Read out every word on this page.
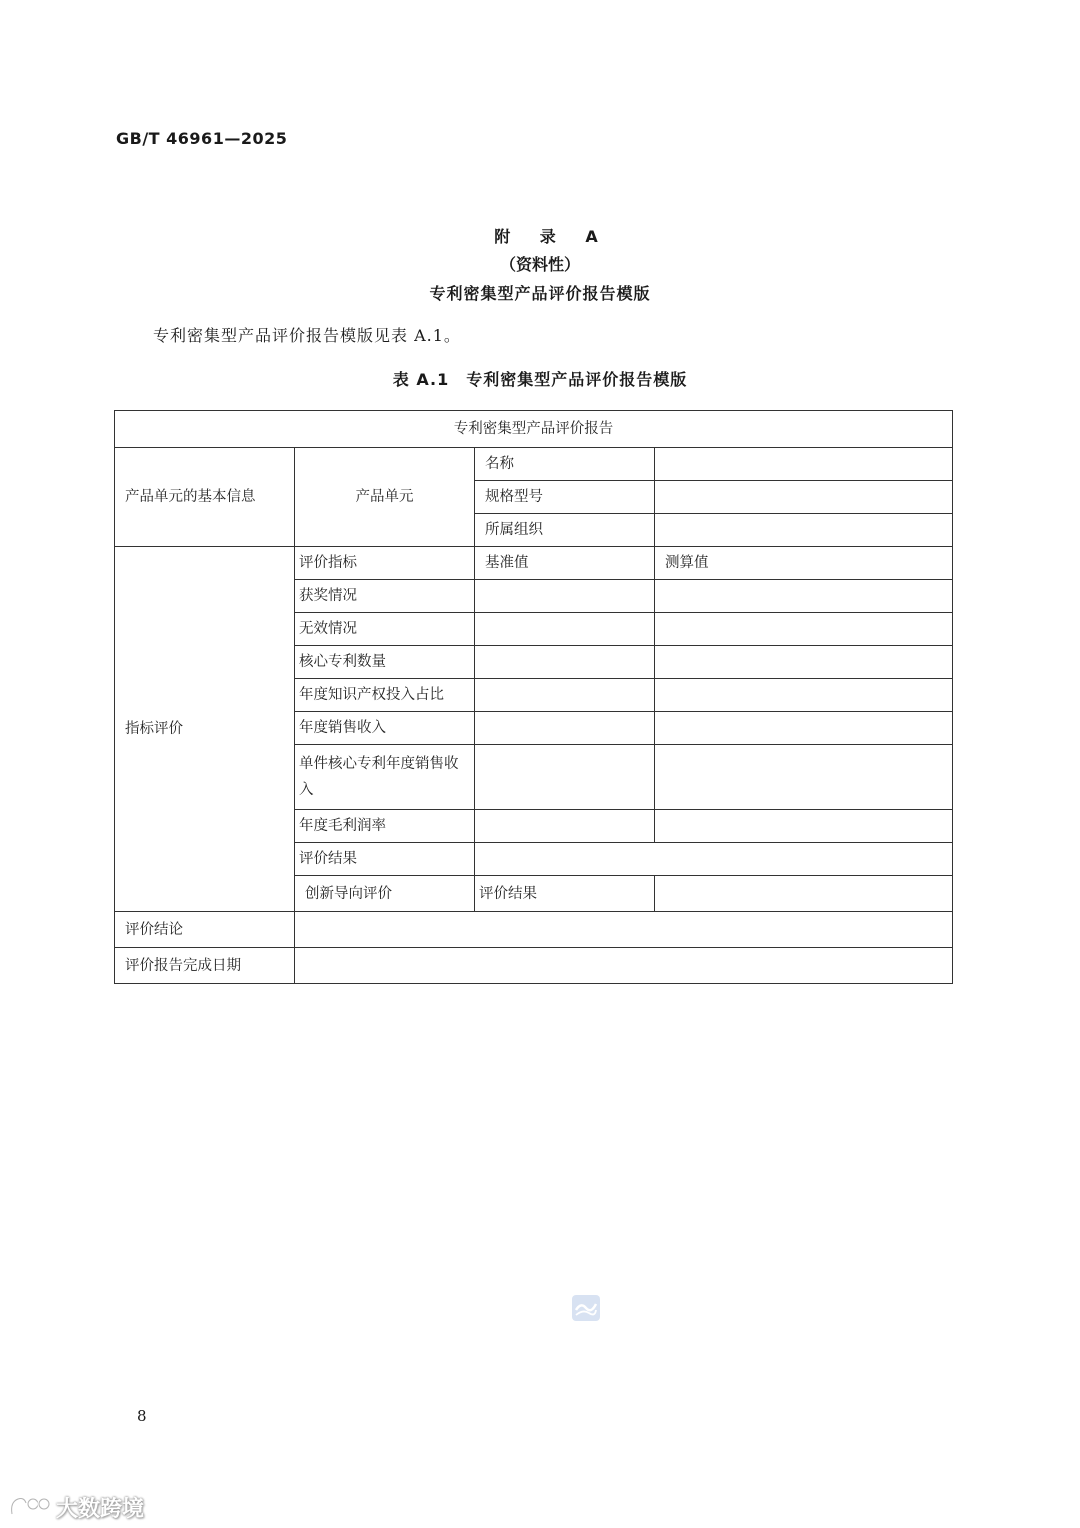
GB/T 46961—2025
附 录 A
（资料性）
专利密集型产品评价报告模版
专利密集型产品评价报告模版见表 A.1。
表 A.1　专利密集型产品评价报告模版
专利密集型产品评价报告			
产品单元的基本信息	产品单元	名称	
		规格型号	
		所属组织	
指标评价	评价指标	基准值	测算值
	获奖情况		
	无效情况		
	核心专利数量		
	年度知识产权投入占比		
	年度销售收入		
	单件核心专利年度销售收入		
	年度毛利润率		
	评价结果		
	创新导向评价	评价结果	
评价结论			
评价报告完成日期			
8
大数跨境
